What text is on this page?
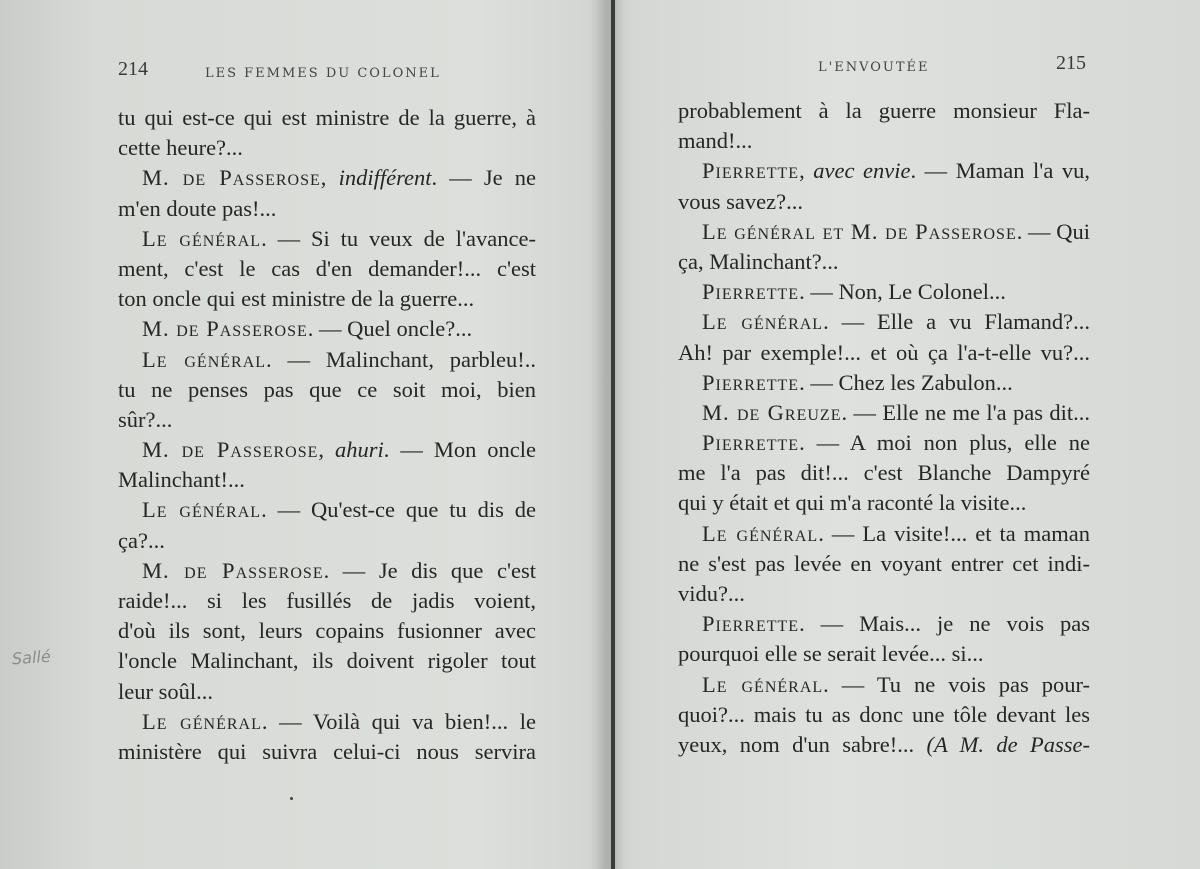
214	LES FEMMES DU COLONEL
Sallé
tu qui est-ce qui est ministre de la guerre, à
cette heure?...
M. de Passerose, indifférent. — Je ne
m'en doute pas!...
Le général. — Si tu veux de l'avance-
ment, c'est le cas d'en demander!... c'est
ton oncle qui est ministre de la guerre...
M. de Passerose. — Quel oncle?...
Le général. — Malinchant, parbleu!..
tu ne penses pas que ce soit moi, bien
sûr?...
M. de Passerose, ahuri. — Mon oncle
Malinchant!...
Le général. — Qu'est-ce que tu dis de
ça?...
M. de Passerose. — Je dis que c'est
raide!... si les fusillés de jadis voient,
d'où ils sont, leurs copains fusionner avec
l'oncle Malinchant, ils doivent rigoler tout
leur soûl...
Le général. — Voilà qui va bien!... le
ministère qui suivra celui-ci nous servira
L'ENVOUTÉE	215
probablement à la guerre monsieur Fla-
mand!...
Pierrette, avec envie. — Maman l'a vu,
vous savez?...
Le général et M. de Passerose. — Qui
ça, Malinchant?...
Pierrette. — Non, Le Colonel...
Le général. — Elle a vu Flamand?...
Ah! par exemple!... et où ça l'a-t-elle vu?...
Pierrette. — Chez les Zabulon...
M. de Greuze. — Elle ne me l'a pas dit...
Pierrette. — A moi non plus, elle ne
me l'a pas dit!... c'est Blanche Dampyré
qui y était et qui m'a raconté la visite...
Le général. — La visite!... et ta maman
ne s'est pas levée en voyant entrer cet indi-
vidu?...
Pierrette. — Mais... je ne vois pas
pourquoi elle se serait levée... si...
Le général. — Tu ne vois pas pour-
quoi?... mais tu as donc une tôle devant les
yeux, nom d'un sabre!... (A M. de Passe-
